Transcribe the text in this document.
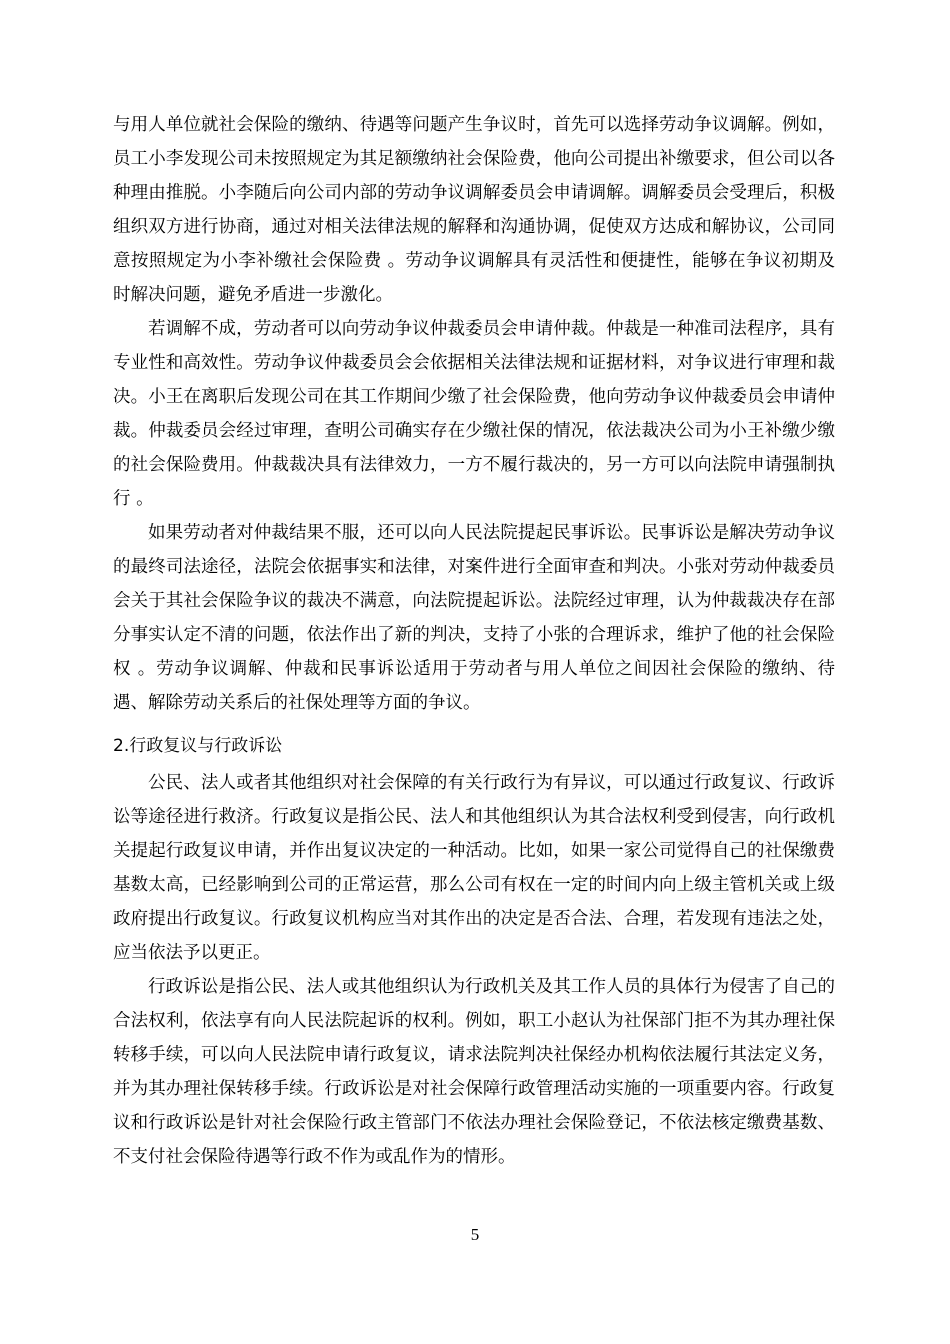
与用人单位就社会保险的缴纳、待遇等问题产生争议时，首先可以选择劳动争议调解。例如，员工小李发现公司未按照规定为其足额缴纳社会保险费，他向公司提出补缴要求，但公司以各种理由推脱。小李随后向公司内部的劳动争议调解委员会申请调解。调解委员会受理后，积极组织双方进行协商，通过对相关法律法规的解释和沟通协调，促使双方达成和解协议，公司同意按照规定为小李补缴社会保险费 。劳动争议调解具有灵活性和便捷性，能够在争议初期及时解决问题，避免矛盾进一步激化。

若调解不成，劳动者可以向劳动争议仲裁委员会申请仲裁。仲裁是一种准司法程序，具有专业性和高效性。劳动争议仲裁委员会会依据相关法律法规和证据材料，对争议进行审理和裁决。小王在离职后发现公司在其工作期间少缴了社会保险费，他向劳动争议仲裁委员会申请仲裁。仲裁委员会经过审理，查明公司确实存在少缴社保的情况，依法裁决公司为小王补缴少缴的社会保险费用。仲裁裁决具有法律效力，一方不履行裁决的，另一方可以向法院申请强制执行 。

如果劳动者对仲裁结果不服，还可以向人民法院提起民事诉讼。民事诉讼是解决劳动争议的最终司法途径，法院会依据事实和法律，对案件进行全面审查和判决。小张对劳动仲裁委员会关于其社会保险争议的裁决不满意，向法院提起诉讼。法院经过审理，认为仲裁裁决存在部分事实认定不清的问题，依法作出了新的判决，支持了小张的合理诉求，维护了他的社会保险权 。劳动争议调解、仲裁和民事诉讼适用于劳动者与用人单位之间因社会保险的缴纳、待遇、解除劳动关系后的社保处理等方面的争议。

2.行政复议与行政诉讼

公民、法人或者其他组织对社会保障的有关行政行为有异议，可以通过行政复议、行政诉讼等途径进行救济。行政复议是指公民、法人和其他组织认为其合法权利受到侵害，向行政机关提起行政复议申请，并作出复议决定的一种活动。比如，如果一家公司觉得自己的社保缴费基数太高，已经影响到公司的正常运营，那么公司有权在一定的时间内向上级主管机关或上级政府提出行政复议。行政复议机构应当对其作出的决定是否合法、合理，若发现有违法之处，应当依法予以更正。

行政诉讼是指公民、法人或其他组织认为行政机关及其工作人员的具体行为侵害了自己的合法权利，依法享有向人民法院起诉的权利。例如，职工小赵认为社保部门拒不为其办理社保转移手续，可以向人民法院申请行政复议，请求法院判决社保经办机构依法履行其法定义务，并为其办理社保转移手续。行政诉讼是对社会保障行政管理活动实施的一项重要内容。行政复议和行政诉讼是针对社会保险行政主管部门不依法办理社会保险登记，不依法核定缴费基数、不支付社会保险待遇等行政不作为或乱作为的情形。

5
